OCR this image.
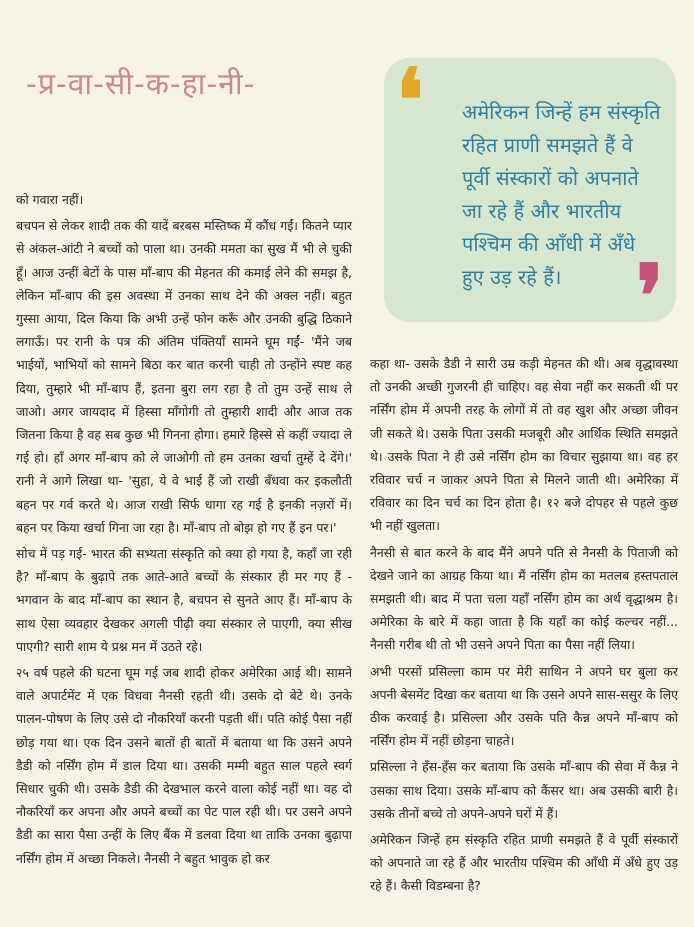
-प्र-वा-सी-क-हा-नी- ❛ अमेरिकन जिन्हें हम संस्कृति रहित प्राणी समझते हैं वे पूर्वी संस्कारों को अपनाते जा रहे हैं और भारतीय पश्चिम की आँधी में अँधे हुए उड़ रहे हैं। ❜

को गवारा नहीं।

बचपन से लेकर शादी तक की यादें बरबस मस्तिष्क में कौंध गईं। कितने प्यार से अंकल-आंटी ने बच्चों को पाला था। उनकी ममता का सुख मैं भी ले चुकी हूँ। आज उन्हीं बेटों के पास माँ-बाप की मेहनत की कमाई लेने की समझ है, लेकिन माँ-बाप की इस अवस्था में उनका साथ देने की अक्ल नहीं। बहुत गुस्सा आया, दिल किया कि अभी उन्हें फोन करूँ और उनकी बुद्धि ठिकाने लगाऊँ। पर रानी के पत्र की अंतिम पंक्तियाँ सामने घूम गईं- 'मैंने जब भाईयों, भाभियों को सामने बिठा कर बात करनी चाही तो उन्होंने स्पष्ट कह दिया, तुम्हारे भी माँ-बाप हैं, इतना बुरा लग रहा है तो तुम उन्हें साथ ले जाओ। अगर जायदाद में हिस्सा माँगोगी तो तुम्हारी शादी और आज तक जितना किया है वह सब कुछ भी गिनना होगा। हमारे हिस्से से कहीं ज्यादा ले गई हो। हाँ अगर माँ-बाप को ले जाओगी तो हम उनका खर्चा तुम्हें दे देंगे।' रानी ने आगे लिखा था- 'सुहा, ये वे भाई हैं जो राखी बँधवा कर इकलौती बहन पर गर्व करते थे। आज राखी सिर्फ धागा रह गई है इनकी नज़रों में। बहन पर किया खर्चा गिना जा रहा है। माँ-बाप तो बोझ हो गए हैं इन पर।'

सोच में पड़ गई- भारत की सभ्यता संस्कृति को क्या हो गया है, कहाँ जा रही है? माँ-बाप के बुढ़ापे तक आते-आते बच्चों के संस्कार ही मर गए हैं - भगवान के बाद माँ-बाप का स्थान है, बचपन से सुनते आए हैं। माँ-बाप के साथ ऐसा व्यवहार देखकर अगली पीढ़ी क्या संस्कार ले पाएगी, क्या सीख पाएगी? सारी शाम ये प्रश्न मन में उठते रहे।

२५ वर्ष पहले की घटना घूम गई जब शादी होकर अमेरिका आई थी। सामने वाले अपार्टमेंट में एक विधवा नैनसी रहती थी। उसके दो बेटे थे। उनके पालन-पोषण के लिए उसे दो नौकरियाँ करनी पड़ती थीं। पति कोई पैसा नहीं छोड़ गया था। एक दिन उसने बातों ही बातों में बताया था कि उसने अपने डैडी को नर्सिंग होम में डाल दिया था। उसकी मम्मी बहुत साल पहले स्वर्ग सिधार चुकी थी। उसके डैडी की देखभाल करने वाला कोई नहीं था। वह दो नौकरियाँ कर अपना और अपने बच्चों का पेट पाल रही थी। पर उसने अपने डैडी का सारा पैसा उन्हीं के लिए बैंक में डलवा दिया था ताकि उनका बुढ़ापा नर्सिंग होम में अच्छा निकले। नैनसी ने बहुत भावुक हो कर

कहा था- उसके डैडी ने सारी उम्र कड़ी मेहनत की थी। अब वृद्धावस्था तो उनकी अच्छी गुजरनी ही चाहिए। वह सेवा नहीं कर सकती थी पर नर्सिंग होम में अपनी तरह के लोगों में तो वह खुश और अच्छा जीवन जी सकते थे। उसके पिता उसकी मजबूरी और आर्थिक स्थिति समझते थे। उसके पिता ने ही उसे नर्सिंग होम का विचार सुझाया था। वह हर रविवार चर्च न जाकर अपने पिता से मिलने जाती थी। अमेरिका में रविवार का दिन चर्च का दिन होता है। १२ बजे दोपहर से पहले कुछ भी नहीं खुलता।

नैनसी से बात करने के बाद मैंने अपने पति से नैनसी के पिताजी को देखने जाने का आग्रह किया था। मैं नर्सिंग होम का मतलब हस्तपताल समझती थी। बाद में पता चला यहाँ नर्सिंग होम का अर्थ वृद्धाश्रम है। अमेरिका के बारे में कहा जाता है कि यहाँ का कोई कल्चर नहीं... नैनसी गरीब थी तो भी उसने अपने पिता का पैसा नहीं लिया।

अभी परसों प्रसिल्ला काम पर मेरी साथिन ने अपने घर बुला कर अपनी बेसमेंट दिखा कर बताया था कि उसने अपने सास-ससुर के लिए ठीक करवाई है। प्रसिल्ला और उसके पति कैन्न अपने माँ-बाप को नर्सिंग होम में नहीं छोड़ना चाहते।

प्रसिल्ला ने हँस-हँस कर बताया कि उसके माँ-बाप की सेवा में कैन्न ने उसका साथ दिया। उसके माँ-बाप को कैंसर था। अब उसकी बारी है। उसके तीनों बच्चे तो अपने-अपने घरों में हैं।

अमेरिकन जिन्हें हम संस्कृति रहित प्राणी समझते हैं वे पूर्वी संस्कारों को अपनाते जा रहे हैं और भारतीय पश्चिम की आँधी में अँधे हुए उड़ रहे हैं। कैसी विडम्बना है?
